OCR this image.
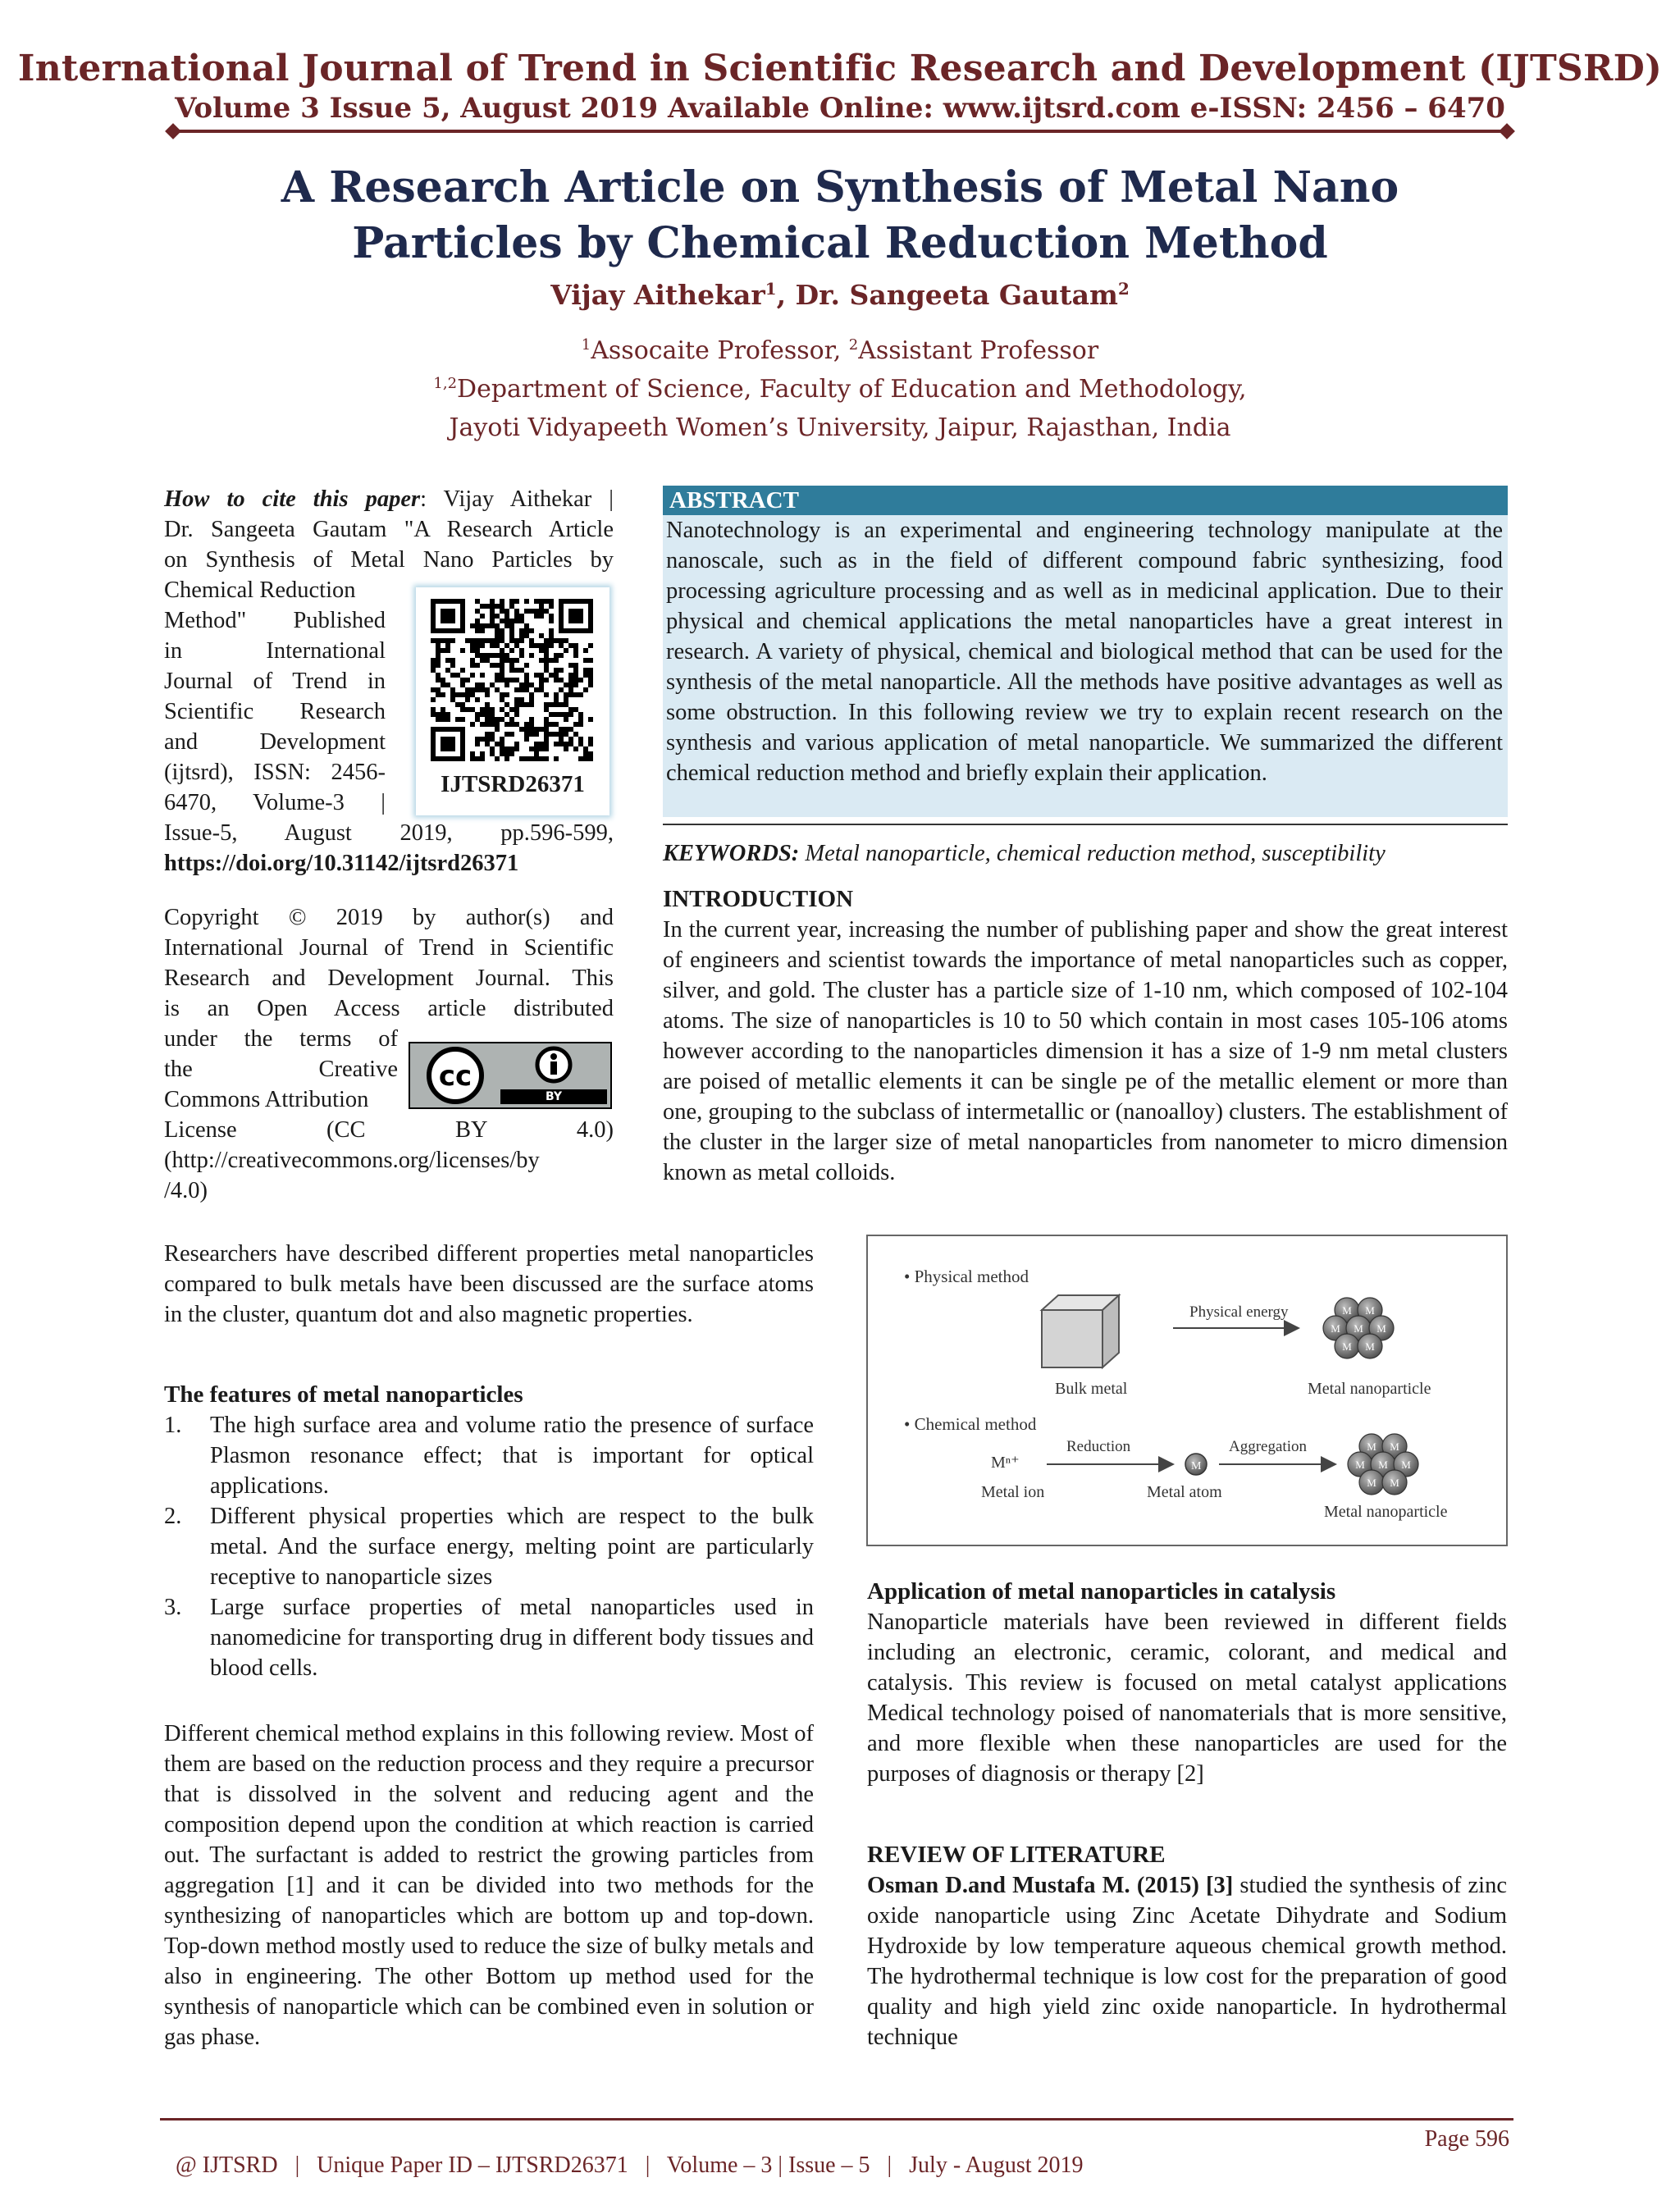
International Journal of Trend in Scientific Research and Development (IJTSRD)
Volume 3 Issue 5, August 2019 Available Online: www.ijtsrd.com e-ISSN: 2456 – 6470
A Research Article on Synthesis of Metal Nano
Particles by Chemical Reduction Method
Vijay Aithekar$^1$, Dr. Sangeeta Gautam$^2$
$^1$Assocaite Professor, $^2$Assistant Professor
$^{1,2}$Department of Science, Faculty of Education and Methodology,
Jayoti Vidyapeeth Women’s University, Jaipur, Rajasthan, India
How to cite this paper: Vijay Aithekar |
Dr. Sangeeta Gautam "A Research Article
on Synthesis of Metal Nano Particles by
Chemical Reduction
Method" Published
in International
Journal of Trend in
Scientific Research
and Development
(ijtsrd), ISSN: 2456-
6470, Volume-3 |
Issue-5, August 2019, pp.596-599,
https://doi.org/10.31142/ijtsrd26371
IJTSRD26371
Copyright © 2019 by author(s) and
International Journal of Trend in Scientific
Research and Development Journal. This
is an Open Access article distributed
under the terms of
the Creative
Commons Attribution
License (CC BY 4.0)
(http://creativecommons.org/licenses/by
/4.0)
cc
BY
ABSTRACT
Nanotechnology is an experimental and engineering technology manipulate at the nanoscale, such as in the field of different compound fabric synthesizing, food processing agriculture processing and as well as in medicinal application. Due to their physical and chemical applications the metal nanoparticles have a great interest in research. A variety of physical, chemical and biological method that can be used for the synthesis of the metal nanoparticle. All the methods have positive advantages as well as some obstruction. In this following review we try to explain recent research on the synthesis and various application of metal nanoparticle. We summarized the different chemical reduction method and briefly explain their application.
KEYWORDS: Metal nanoparticle, chemical reduction method, susceptibility
INTRODUCTION
In the current year, increasing the number of publishing paper and show the great interest of engineers and scientist towards the importance of metal nanoparticles such as copper, silver, and gold. The cluster has a particle size of 1-10 nm, which composed of 102-104 atoms. The size of nanoparticles is 10 to 50 which contain in most cases 105-106 atoms however according to the nanoparticles dimension it has a size of 1-9 nm metal clusters are poised of metallic elements it can be single pe of the metallic element or more than one, grouping to the subclass of intermetallic or (nanoalloy) clusters. The establishment of the cluster in the larger size of metal nanoparticles from nanometer to micro dimension known as metal colloids.
Researchers have described different properties metal nanoparticles compared to bulk metals have been discussed are the surface atoms in the cluster, quantum dot and also magnetic properties.
The features of metal nanoparticles
1. The high surface area and volume ratio the presence of surface Plasmon resonance effect; that is important for optical applications.
2. Different physical properties which are respect to the bulk metal. And the surface energy, melting point are particularly receptive to nanoparticle sizes
3. Large surface properties of metal nanoparticles used in nanomedicine for transporting drug in different body tissues and blood cells.
Different chemical method explains in this following review. Most of them are based on the reduction process and they require a precursor that is dissolved in the solvent and reducing agent and the composition depend upon the condition at which reaction is carried out. The surfactant is added to restrict the growing particles from aggregation [1] and it can be divided into two methods for the synthesizing of nanoparticles which are bottom up and top-down. Top-down method mostly used to reduce the size of bulky metals and also in engineering. The other Bottom up method used for the synthesis of nanoparticle which can be combined even in solution or gas phase.
• Physical method
Bulk metal
Physical energy	M M
M M M
M M
Metal nanoparticle
• Chemical method
Mⁿ⁺
Reduction
M
Aggregation	M M
M M M
M M
Metal ion	Metal atom
Metal nanoparticle
Application of metal nanoparticles in catalysis
Nanoparticle materials have been reviewed in different fields including an electronic, ceramic, colorant, and medical and catalysis. This review is focused on metal catalyst applications Medical technology poised of nanomaterials that is more sensitive, and more flexible when these nanoparticles are used for the purposes of diagnosis or therapy [2]
REVIEW OF LITERATURE
Osman D.and Mustafa M. (2015) [3] studied the synthesis of zinc oxide nanoparticle using Zinc Acetate Dihydrate and Sodium Hydroxide by low temperature aqueous chemical growth method. The hydrothermal technique is low cost for the preparation of good quality and high yield zinc oxide nanoparticle. In hydrothermal technique

@ IJTSRD   |   Unique Paper ID – IJTSRD26371   |   Volume – 3 | Issue – 5   |   July - August 2019

Page 596
